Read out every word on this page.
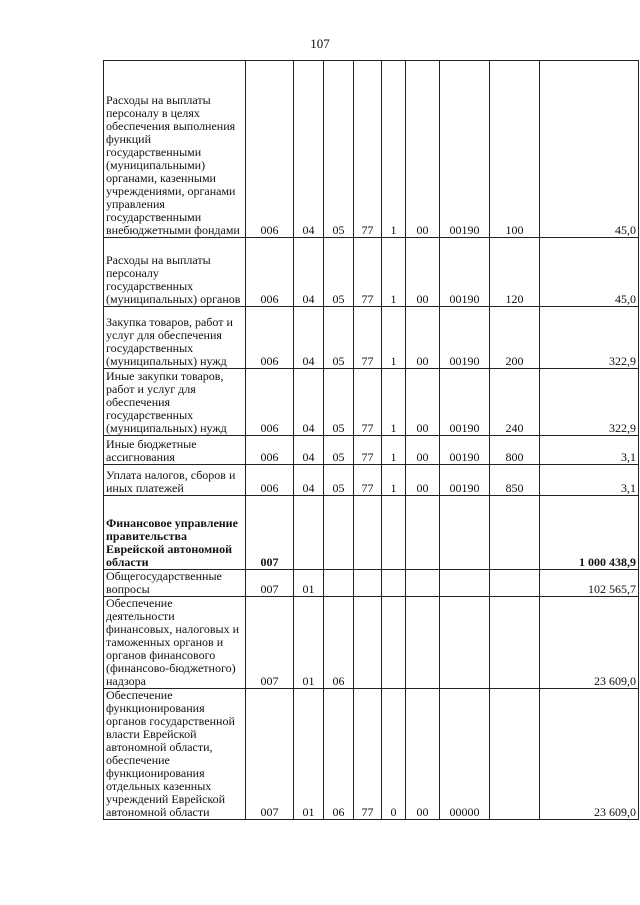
107
Расходы на выплаты персоналу в целях обеспечения выполнения функций государственными (муниципальными) органами, казенными учреждениями, органами управления государственными внебюджетными фондами	006	04	05	77	1	00	00190	100	45,0
Расходы на выплаты персоналу государственных (муниципальных) органов	006	04	05	77	1	00	00190	120	45,0
Закупка товаров, работ и услуг для обеспечения государственных (муниципальных) нужд	006	04	05	77	1	00	00190	200	322,9
Иные закупки товаров, работ и услуг для обеспечения государственных (муниципальных) нужд	006	04	05	77	1	00	00190	240	322,9
Иные бюджетные ассигнования	006	04	05	77	1	00	00190	800	3,1
Уплата налогов, сборов и иных платежей	006	04	05	77	1	00	00190	850	3,1
Финансовое управление правительства Еврейской автономной области	007								1 000 438,9
Общегосударственные вопросы	007	01							102 565,7
Обеспечение деятельности финансовых, налоговых и таможенных органов и органов финансового (финансово-бюджетного) надзора	007	01	06						23 609,0
Обеспечение функционирования органов государственной власти Еврейской автономной области, обеспечение функционирования отдельных казенных учреждений Еврейской автономной области	007	01	06	77	0	00	00000		23 609,0
